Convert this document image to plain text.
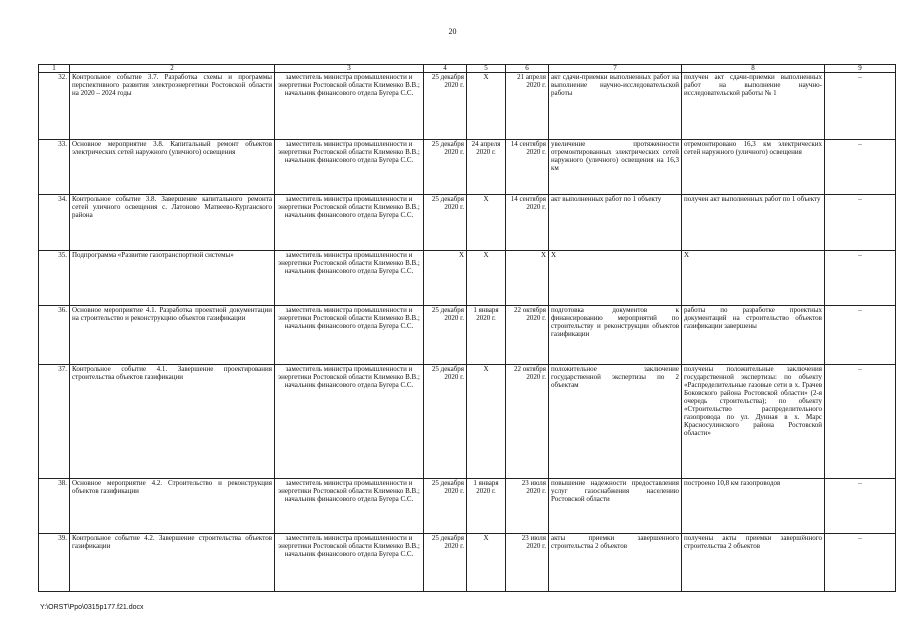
20
1	2	3	4	5	6	7	8	9
32.	Контрольное событие 3.7. Разработка схемы и программы перспективного развития электроэнергетики Ростовской области на 2020 – 2024 годы	заместитель министра промышленности и энергетики Ростовской области Клименко В.В.; начальник финансового отдела Бугера С.С.	25 декабря 2020 г.	Х	21 апреля 2020 г.	акт сдачи-приемки выполненных работ на выполнение научно-исследовательской работы	получен акт сдачи-приемки выполненных работ на выполнение научно-исследовательской работы № 1	–
33.	Основное мероприятие 3.8. Капитальный ремонт объектов электрических сетей наружного (уличного) освещения	заместитель министра промышленности и энергетики Ростовской области Клименко В.В.; начальник финансового отдела Бугера С.С.	25 декабря 2020 г.	24 апреля 2020 г.	14 сентября 2020 г.	увеличение протяженности отремонтированных электрических сетей наружного (уличного) освещения на 16,3 км	отремонтировано 16,3 км электрических сетей наружного (уличного) освещения	–
34.	Контрольное событие 3.8. Завершение капитального ремонта сетей уличного освещения с. Латоново Матвеево-Курганского района	заместитель министра промышленности и энергетики Ростовской области Клименко В.В.; начальник финансового отдела Бугера С.С.	25 декабря 2020 г.	Х	14 сентября 2020 г.	акт выполненных работ по 1 объекту	получен акт выполненных работ по 1 объекту	–
35.	Подпрограмма «Развитие газотранспортной системы»	заместитель министра промышленности и энергетики Ростовской области Клименко В.В.; начальник финансового отдела Бугера С.С.	Х	Х	Х	Х	Х	–
36.	Основное мероприятие 4.1. Разработка проектной документации на строительство и реконструкцию объектов газификации	заместитель министра промышленности и энергетики Ростовской области Клименко В.В.; начальник финансового отдела Бугера С.С.	25 декабря 2020 г.	1 января 2020 г.	22 октября 2020 г.	подготовка документов к финансированию мероприятий по строительству и реконструкции объектов газификации	работы по разработке проектных документаций на строительство объектов газификации завершены	–
37.	Контрольное событие 4.1. Завершение проектирования строительства объектов газификации	заместитель министра промышленности и энергетики Ростовской области Клименко В.В.; начальник финансового отдела Бугера С.С.	25 декабря 2020 г.	Х	22 октября 2020 г.	положительное заключение государственной экспертизы по 2 объектам	получены положительные заключения государственной экспертизы: по объекту «Распределительные газовые сети в х. Грачев Боковского района Ростовской области» (2-я очередь строительства); по объекту «Строительство распределительного газопровода по ул. Дунная в х. Марс Красносулинского района Ростовской области»	–
38.	Основное мероприятие 4.2. Строительство и реконструкция объектов газификации	заместитель министра промышленности и энергетики Ростовской области Клименко В.В.; начальник финансового отдела Бугера С.С.	25 декабря 2020 г.	1 января 2020 г.	23 июля 2020 г.	повышение надежности предоставления услуг газоснабжения населению Ростовской области	построено 10,8 км газопроводов	–
39.	Контрольное событие 4.2. Завершение строительства объектов газификации	заместитель министра промышленности и энергетики Ростовской области Клименко В.В.; начальник финансового отдела Бугера С.С.	25 декабря 2020 г.	Х	23 июля 2020 г.	акты приемки завершенного строительства 2 объектов	получены акты приемки завершённого строительства 2 объектов	–
Y:\ORST\Ppo\0315p177.f21.docx
